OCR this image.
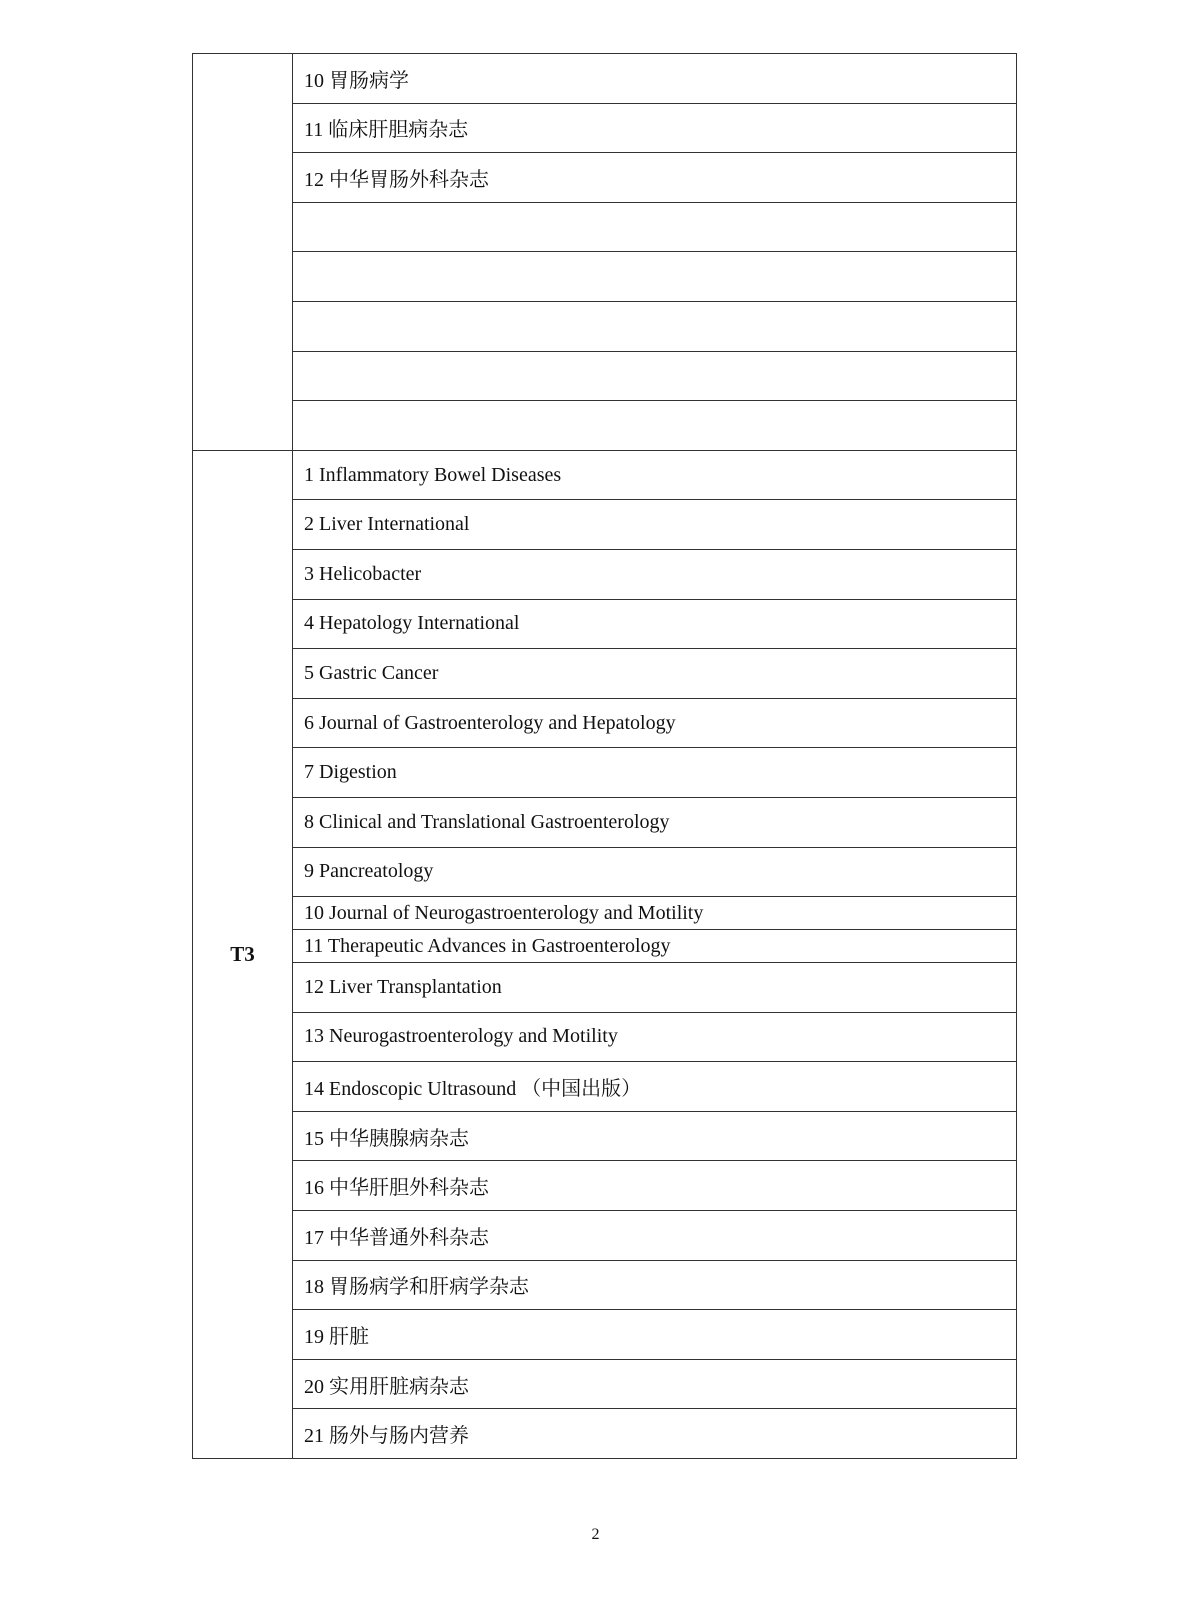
	10 胃肠病学
	11 临床肝胆病杂志
	12 中华胃肠外科杂志

T3	1 Inflammatory Bowel Diseases
	2 Liver International
	3 Helicobacter
	4 Hepatology International
	5 Gastric Cancer
	6 Journal of Gastroenterology and Hepatology
	7 Digestion
	8 Clinical and Translational Gastroenterology
	9 Pancreatology
	10 Journal of Neurogastroenterology and Motility
	11 Therapeutic Advances in Gastroenterology
	12 Liver Transplantation
	13 Neurogastroenterology and Motility
	14 Endoscopic Ultrasound （中国出版）
	15 中华胰腺病杂志
	16 中华肝胆外科杂志
	17 中华普通外科杂志
	18 胃肠病学和肝病学杂志
	19 肝脏
	20 实用肝脏病杂志
	21 肠外与肠内营养
2
